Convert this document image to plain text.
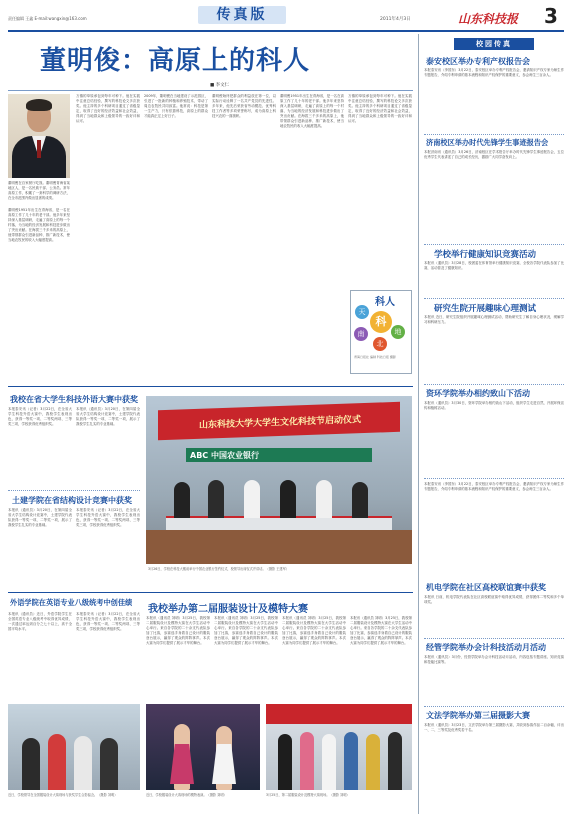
责任编辑 王鑫 E-mail:wangxin@163.com	传真版	2011年4月3日	山东科技报 3
董明俊：高原上的科人
■ 李文仁
董明俊在自家餐厅吃饭。董明俊青海省某地区人，是一名民族干部、公务员。常年高原工作，积累了一套科学的调研方法，在全市范围内做出显著的成绩。
董明俊1951年出生在青海省，是一名在高原工作了几十年的老干部。他多年来坚持深入基层调研，走遍了高原上的每一个村落，为当地的经济发展和科技进步做出了突出贡献。在海拔三千多米的高原上，他带领群众引进新品种、推广新技术，使当地农牧民的收入大幅度提高。
万镇的草原承包到每年可种下。他在实践中注意总结经验，撰写的科技论文多次获奖。他主持的多个科研项目通过了省级鉴定，取得了良好的经济效益和社会效益，得到了当地群众和上级领导的一致好评和认可。
2009年，董明俊在当地建设了示范园区，引进了一批新的种植和养殖技术，带动了周边农牧民共同致富。他常说：科技是第一生产力，只有依靠科技，高原上的群众才能真正过上好日子。
董明俊始终把群众的利益放在第一位，以实际行动诠释了一名共产党员的先进性。多年来，他先后荣获省劳动模范、优秀科技工作者等多项荣誉称号，成为高原上科技兴农的一面旗帜。
董明俊1951年出生在青海省，是一名在高原工作了几十年的老干部。他多年来坚持深入基层调研，走遍了高原上的每一个村落，为当地的经济发展和科技进步做出了突出贡献。在海拔三千多米的高原上，他带领群众引进新品种、推广新技术，使当地农牧民的收入大幅度提高。
万镇的草原承包到每年可种下。他在实践中注意总结经验，撰写的科技论文多次获奖。他主持的多个科研项目通过了省级鉴定，取得了良好的经济效益和社会效益，得到了当地群众和上级领导的一致好评和认可。
科
天
地
北
南
科人
青海日报社 编制 科技日报 摄影
校园传真
泰安校区举办专利产权报告会
本报泰安讯（李国东）3月22日，泰安校区举办专利产权报告会，邀请知识产权专家为师生作专题报告，介绍专利申请的基本流程和知识产权保护的重要意义，参会师生三百余人。
济南校区举办时代先锋学生事迹报告会
本报济南讯（通讯员）3月26日，济南校区在学术报告厅举办时代先锋学生事迹报告会，五位优秀学生代表讲述了自己的成长经历，激励广大同学奋发向上。
学校举行健康知识竞赛活动
本报讯（通讯员）3月28日，校团委在体育馆举行健康知识竞赛，全校各学院代表队参加了比赛，活动普及了健康知识。
研究生院开展趣味心理测试
本报讯 近日，研究生院组织开展趣味心理测试活动，帮助研究生了解自身心理状况，缓解学习和科研压力。
资环学院举办相约致山下活动
本报讯（通讯员）3月30日，资环学院举办相约致山下活动，组织学生走进自然，开展环保宣传和植树活动。
机电学院在社区高校联谊赛中获奖
本报讯 日前，机电学院代表队在社区高校联谊赛中取得优异成绩，获得团体二等奖和多个单项奖。
经管学院举办会计科技活动月活动
本报讯（通讯员）3月份，经管学院举办会计科技活动月活动，内容包括专题讲座、知识竞赛和技能比赛等。
文法学院举办第三届摄影大赛
本报讯（通讯员）3月23日，文法学院举办第三届摄影大赛，共收到参赛作品二百余幅，评出一、二、三等奖及优秀奖若干名。
本报泰安讯（李国东）3月22日，泰安校区举办专利产权报告会，邀请知识产权专家为师生作专题报告，介绍专利申请的基本流程和知识产权保护的重要意义，参会师生三百余人。
我校在省大学生科技外语大赛中获奖
本报泰安讯（记者）3月22日，在全省大学生科技外语大赛中，我校学生表现出色，获得一等奖一项、二等奖两项、三等奖三项，学校获得优秀组织奖。
本报讯（通讯员）3月20日，在第四届全省大学生结构设计竞赛中，土建学院代表队获得一等奖一项、二等奖一项，展示了我校学生扎实的专业基础。
土建学院在省结构设计竞赛中获奖
本报讯（通讯员）3月20日，在第四届全省大学生结构设计竞赛中，土建学院代表队获得一等奖一项、二等奖一项，展示了我校学生扎实的专业基础。
本报泰安讯（记者）3月22日，在全省大学生科技外语大赛中，我校学生表现出色，获得一等奖一项、二等奖两项、三等奖三项，学校获得优秀组织奖。
山东科技大学大学生文化科技节启动仪式
ABC 中国农业银行
3月26日，学校在科技大楼前举行中国农业银行签约仪式，校领导出席仪式并讲话。（摄影 王建军）
外语学院在英语专业八级统考中创佳绩
本报讯（通讯员）近日，外语学院学生在全国英语专业八级统考中取得优异成绩，一次通过率达到百分之七十以上，高于全国平均水平。
本报泰安讯（记者）3月22日，在全省大学生科技外语大赛中，我校学生表现出色，获得一等奖一项、二等奖两项、三等奖三项，学校获得优秀组织奖。
我校举办第二届服装设计及模特大赛
本报讯（通讯员 刘明）3月25日，我校第二届服装设计及模特大赛在大学生活动中心举行。来自各学院的二十余支代表队参加了比赛，参赛选手身着自己设计的服装登台展示，赢得了观众的阵阵掌声。本次大赛为同学们提供了展示才华的舞台。
本报讯（通讯员 刘明）3月25日，我校第二届服装设计及模特大赛在大学生活动中心举行。来自各学院的二十余支代表队参加了比赛，参赛选手身着自己设计的服装登台展示，赢得了观众的阵阵掌声。本次大赛为同学们提供了展示才华的舞台。
本报讯（通讯员 刘明）3月25日，我校第二届服装设计及模特大赛在大学生活动中心举行。来自各学院的二十余支代表队参加了比赛，参赛选手身着自己设计的服装登台展示，赢得了观众的阵阵掌声。本次大赛为同学们提供了展示才华的舞台。
本报讯（通讯员 刘明）3月25日，我校第二届服装设计及模特大赛在大学生活动中心举行。来自各学院的二十余支代表队参加了比赛，参赛选手身着自己设计的服装登台展示，赢得了观众的阵阵掌声。本次大赛为同学们提供了展示才华的舞台。
近日，学校领导在全国服装设计大赛现场与获奖学生合影留念。（摄影 刘明）	近日，学校服装设计大赛现场的模特表演。（摄影 刘明）	3月25日，第二届服装设计及模特大赛现场。（摄影 刘明）
